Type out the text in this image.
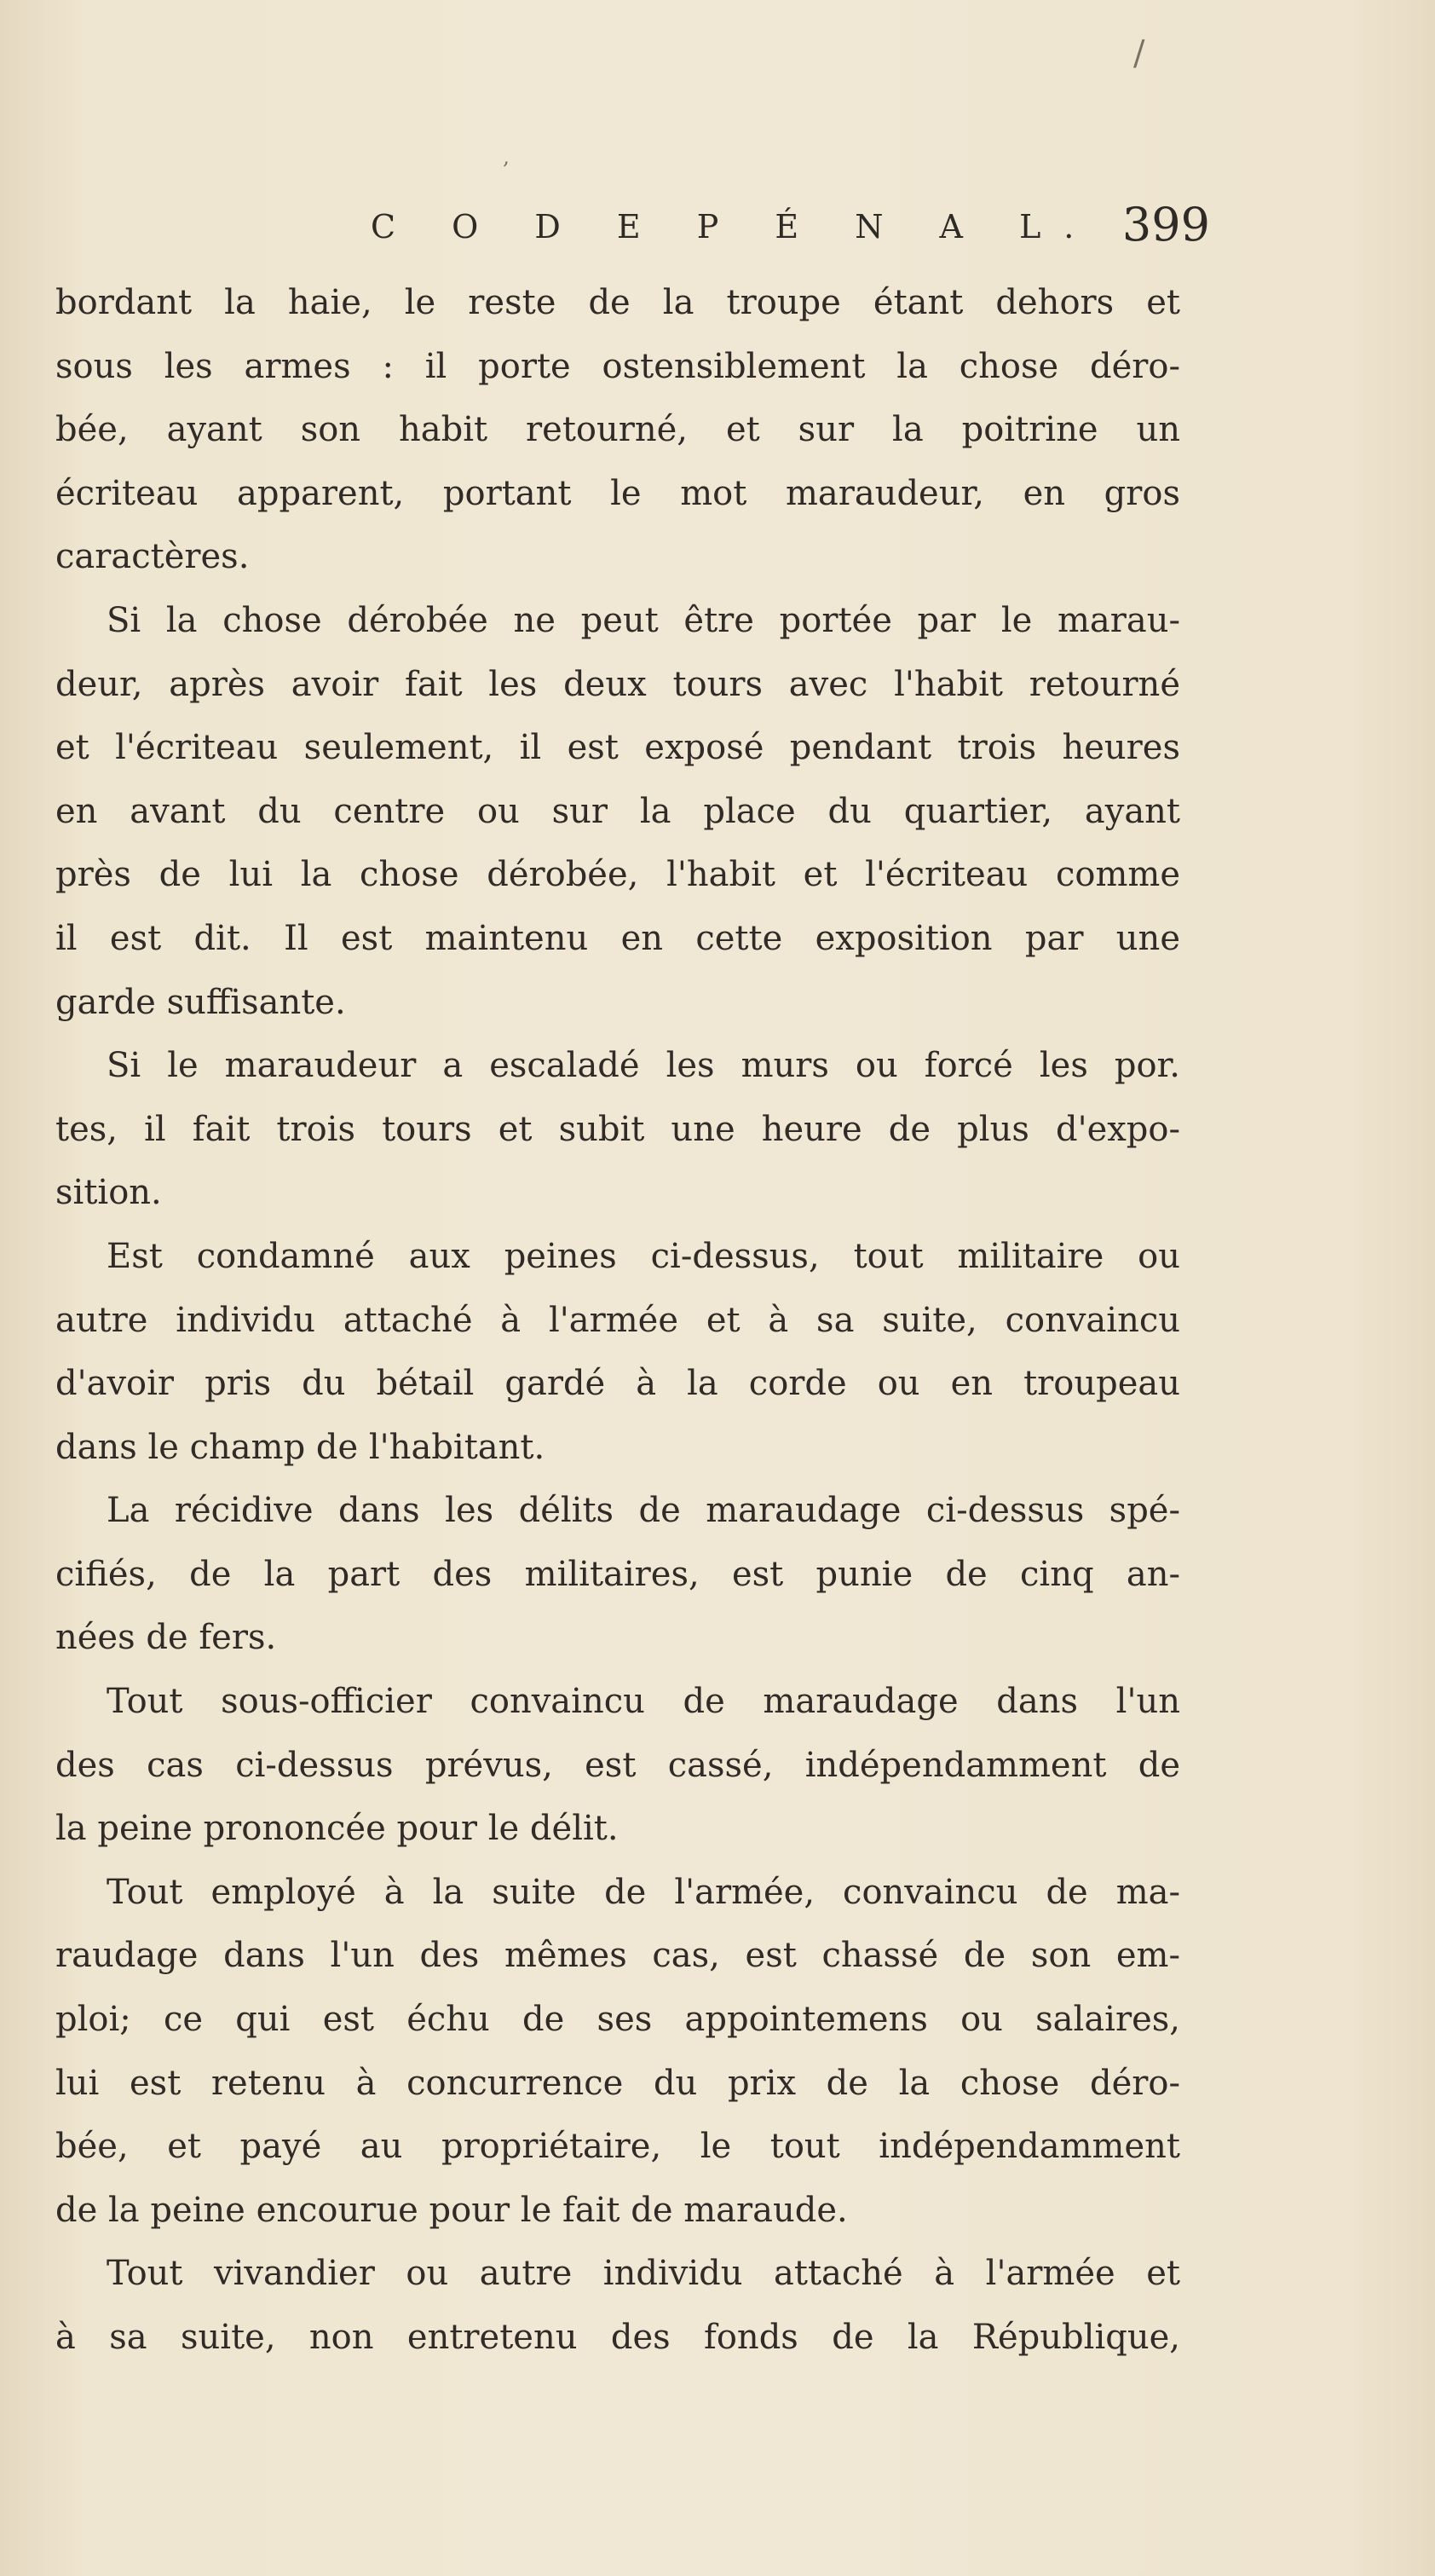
/
‚
C O D E P É N A L. 399
bordant la haie, le reste de la troupe étant dehors et
sous les armes : il porte ostensiblement la chose déro-
bée, ayant son habit retourné, et sur la poitrine un
écriteau apparent, portant le mot maraudeur, en gros
caractères.
Si la chose dérobée ne peut être portée par le marau-
deur, après avoir fait les deux tours avec l'habit retourné
et l'écriteau seulement, il est exposé pendant trois heures
en avant du centre ou sur la place du quartier, ayant
près de lui la chose dérobée, l'habit et l'écriteau comme
il est dit. Il est maintenu en cette exposition par une
garde suffisante.
Si le maraudeur a escaladé les murs ou forcé les por.
tes, il fait trois tours et subit une heure de plus d'expo-
sition.
Est condamné aux peines ci-dessus, tout militaire ou
autre individu attaché à l'armée et à sa suite, convaincu
d'avoir pris du bétail gardé à la corde ou en troupeau
dans le champ de l'habitant.
La récidive dans les délits de maraudage ci-dessus spé-
cifiés, de la part des militaires, est punie de cinq an-
nées de fers.
Tout sous-officier convaincu de maraudage dans l'un
des cas ci-dessus prévus, est cassé, indépendamment de
la peine prononcée pour le délit.
Tout employé à la suite de l'armée, convaincu de ma-
raudage dans l'un des mêmes cas, est chassé de son em-
ploi; ce qui est échu de ses appointemens ou salaires,
lui est retenu à concurrence du prix de la chose déro-
bée, et payé au propriétaire, le tout indépendamment
de la peine encourue pour le fait de maraude.
Tout vivandier ou autre individu attaché à l'armée et
à sa suite, non entretenu des fonds de la République,
